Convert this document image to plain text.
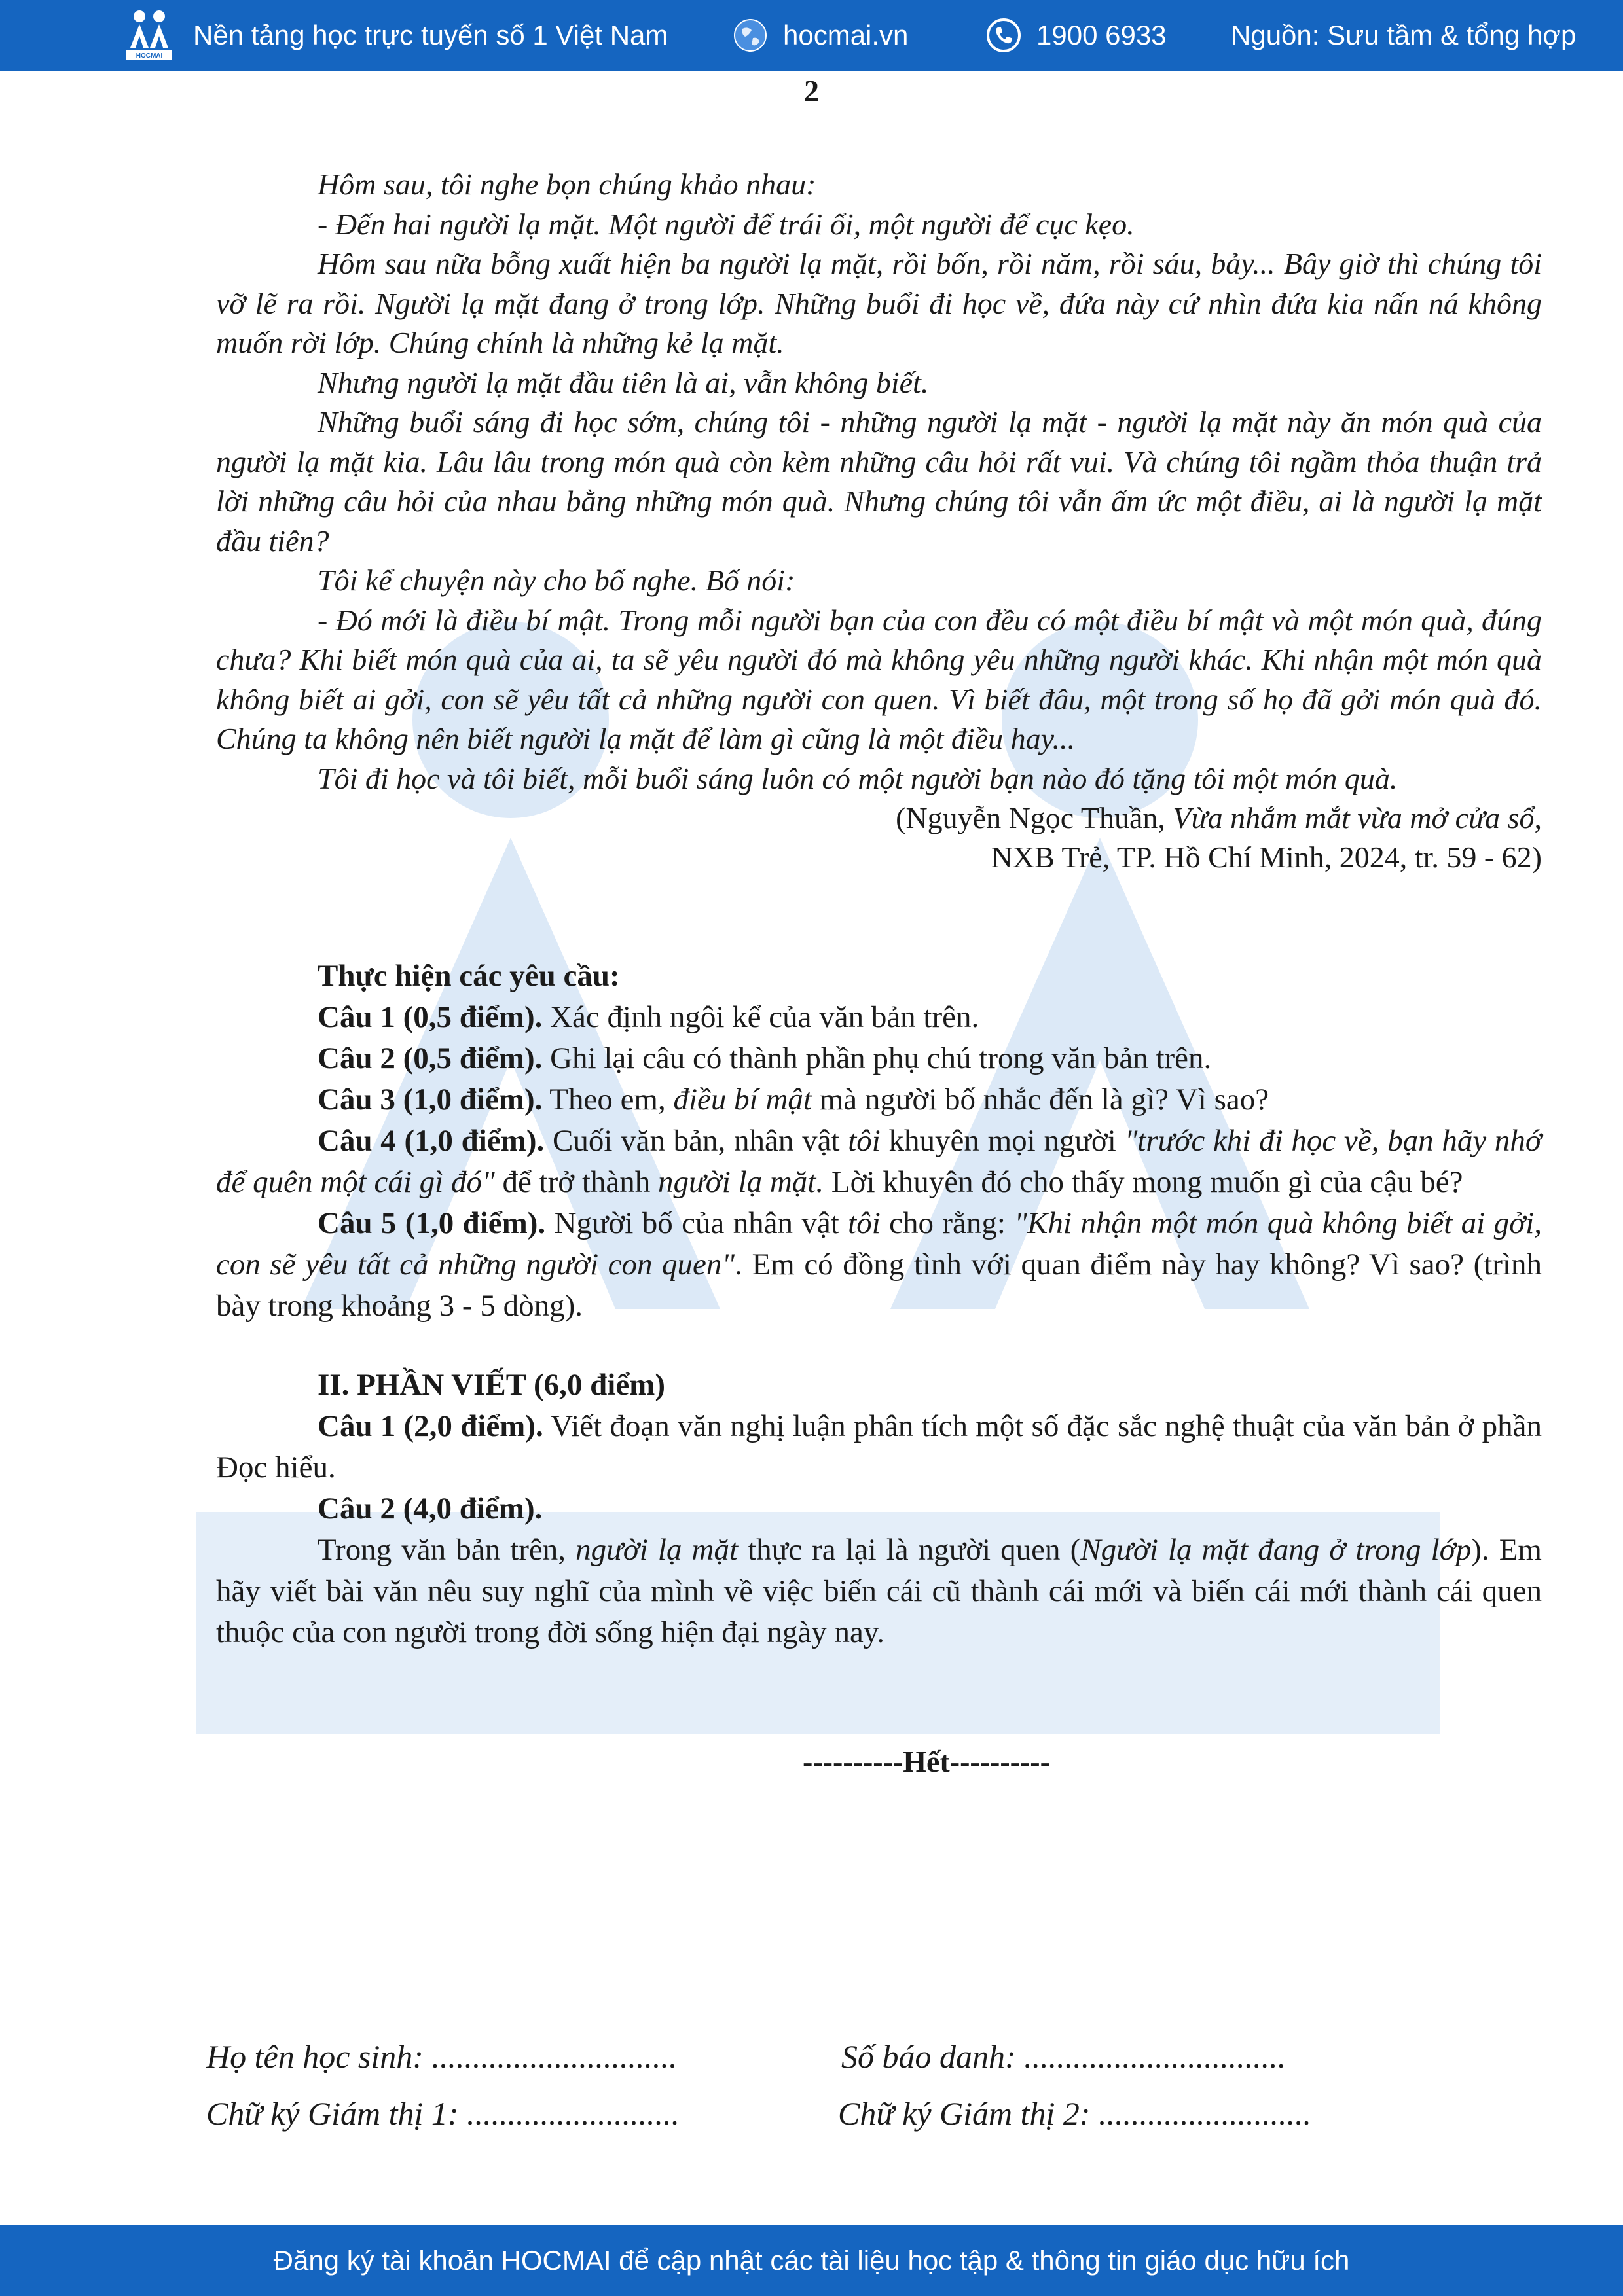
HOCMAI
Nền tảng học trực tuyến số 1 Việt Nam	hocmai.vn	1900 6933 Nguồn: Sưu tầm & tổng hợp
2

Hôm sau, tôi nghe bọn chúng khảo nhau:

- Đến hai người lạ mặt. Một người để trái ổi, một người để cục kẹo.

Hôm sau nữa bỗng xuất hiện ba người lạ mặt, rồi bốn, rồi năm, rồi sáu, bảy... Bây giờ thì chúng tôi vỡ lẽ ra rồi. Người lạ mặt đang ở trong lớp. Những buổi đi học về, đứa này cứ nhìn đứa kia nấn ná không muốn rời lớp. Chúng chính là những kẻ lạ mặt.

Nhưng người lạ mặt đầu tiên là ai, vẫn không biết.

Những buổi sáng đi học sớm, chúng tôi - những người lạ mặt - người lạ mặt này ăn món quà của người lạ mặt kia. Lâu lâu trong món quà còn kèm những câu hỏi rất vui. Và chúng tôi ngầm thỏa thuận trả lời những câu hỏi của nhau bằng những món quà. Nhưng chúng tôi vẫn ấm ức một điều, ai là người lạ mặt đầu tiên?

Tôi kể chuyện này cho bố nghe. Bố nói:

- Đó mới là điều bí mật. Trong mỗi người bạn của con đều có một điều bí mật và một món quà, đúng chưa? Khi biết món quà của ai, ta sẽ yêu người đó mà không yêu những người khác. Khi nhận một món quà không biết ai gởi, con sẽ yêu tất cả những người con quen. Vì biết đâu, một trong số họ đã gởi món quà đó. Chúng ta không nên biết người lạ mặt để làm gì cũng là một điều hay...

Tôi đi học và tôi biết, mỗi buổi sáng luôn có một người bạn nào đó tặng tôi một món quà.

(Nguyễn Ngọc Thuần, Vừa nhắm mắt vừa mở cửa sổ,
NXB Trẻ, TP. Hồ Chí Minh, 2024, tr. 59 - 62)

Thực hiện các yêu cầu:

Câu 1 (0,5 điểm). Xác định ngôi kể của văn bản trên.

Câu 2 (0,5 điểm). Ghi lại câu có thành phần phụ chú trong văn bản trên.

Câu 3 (1,0 điểm). Theo em, điều bí mật mà người bố nhắc đến là gì? Vì sao?

Câu 4 (1,0 điểm). Cuối văn bản, nhân vật tôi khuyên mọi người "trước khi đi học về, bạn hãy nhớ để quên một cái gì đó" để trở thành người lạ mặt. Lời khuyên đó cho thấy mong muốn gì của cậu bé?

Câu 5 (1,0 điểm). Người bố của nhân vật tôi cho rằng: "Khi nhận một món quà không biết ai gởi, con sẽ yêu tất cả những người con quen". Em có đồng tình với quan điểm này hay không? Vì sao? (trình bày trong khoảng 3 - 5 dòng).

II. PHẦN VIẾT (6,0 điểm)

Câu 1 (2,0 điểm). Viết đoạn văn nghị luận phân tích một số đặc sắc nghệ thuật của văn bản ở phần Đọc hiểu.

Câu 2 (4,0 điểm).

Trong văn bản trên, người lạ mặt thực ra lại là người quen (Người lạ mặt đang ở trong lớp). Em hãy viết bài văn nêu suy nghĩ của mình về việc biến cái cũ thành cái mới và biến cái mới thành cái quen thuộc của con người trong đời sống hiện đại ngày nay.

----------Hết----------
Họ tên học sinh: ..............................	Số báo danh: ................................
Chữ ký Giám thị 1: ..........................	Chữ ký Giám thị 2: ..........................
Đăng ký tài khoản HOCMAI để cập nhật các tài liệu học tập & thông tin giáo dục hữu ích
